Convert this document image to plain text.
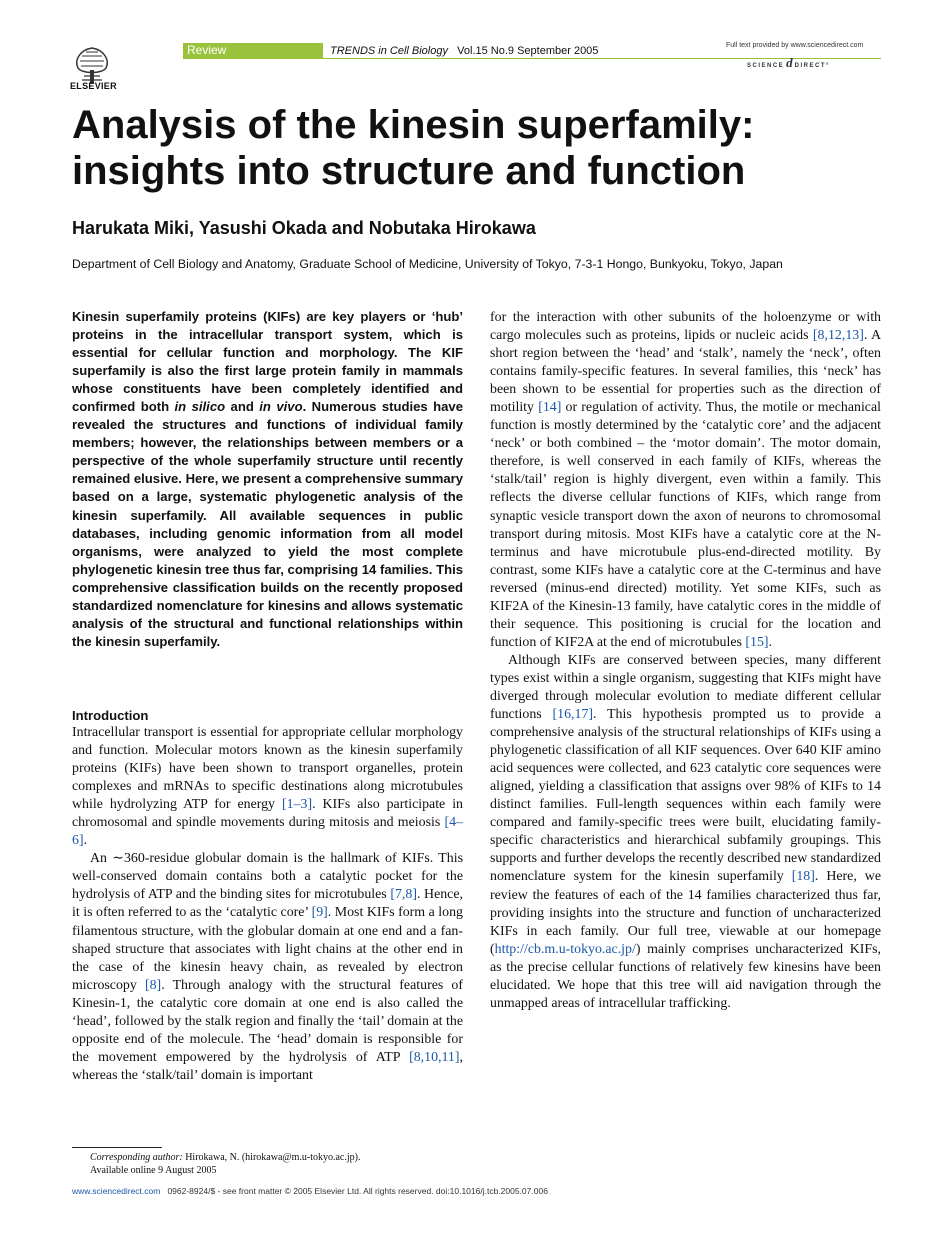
ELSEVIER
Review	TRENDS in Cell Biology Vol.15 No.9 September 2005	Full text provided by www.sciencedirect.com
SCIENCE d DIRECT°
Analysis of the kinesin superfamily: insights into structure and function

Harukata Miki, Yasushi Okada and Nobutaka Hirokawa

Department of Cell Biology and Anatomy, Graduate School of Medicine, University of Tokyo, 7-3-1 Hongo, Bunkyoku, Tokyo, Japan

Kinesin superfamily proteins (KIFs) are key players or ‘hub’ proteins in the intracellular transport system, which is essential for cellular function and morphology. The KIF superfamily is also the first large protein family in mammals whose constituents have been completely identified and confirmed both in silico and in vivo. Numerous studies have revealed the structures and functions of individual family members; however, the relationships between members or a perspective of the whole superfamily structure until recently remained elusive. Here, we present a comprehensive summary based on a large, systematic phylogenetic analysis of the kinesin superfamily. All available sequences in public databases, including genomic information from all model organisms, were analyzed to yield the most complete phylogenetic kinesin tree thus far, comprising 14 families. This comprehensive classification builds on the recently proposed standardized nomenclature for kinesins and allows systematic analysis of the structural and functional relationships within the kinesin superfamily.

Introduction

Intracellular transport is essential for appropriate cellular morphology and function. Molecular motors known as the kinesin superfamily proteins (KIFs) have been shown to transport organelles, protein complexes and mRNAs to specific destinations along microtubules while hydrolyzing ATP for energy [1–3]. KIFs also participate in chromosomal and spindle movements during mitosis and meiosis [4–6].

An ∼360-residue globular domain is the hallmark of KIFs. This well-conserved domain contains both a catalytic pocket for the hydrolysis of ATP and the binding sites for microtubules [7,8]. Hence, it is often referred to as the ‘catalytic core’ [9]. Most KIFs form a long filamentous structure, with the globular domain at one end and a fan-shaped structure that associates with light chains at the other end in the case of the kinesin heavy chain, as revealed by electron microscopy [8]. Through analogy with the structural features of Kinesin-1, the catalytic core domain at one end is also called the ‘head’, followed by the stalk region and finally the ‘tail’ domain at the opposite end of the molecule. The ‘head’ domain is responsible for the movement empowered by the hydrolysis of ATP [8,10,11], whereas the ‘stalk/tail’ domain is important

for the interaction with other subunits of the holoenzyme or with cargo molecules such as proteins, lipids or nucleic acids [8,12,13]. A short region between the ‘head’ and ‘stalk’, namely the ‘neck’, often contains family-specific features. In several families, this ‘neck’ has been shown to be essential for properties such as the direction of motility [14] or regulation of activity. Thus, the motile or mechanical function is mostly determined by the ‘catalytic core’ and the adjacent ‘neck’ or both combined – the ‘motor domain’. The motor domain, therefore, is well conserved in each family of KIFs, whereas the ‘stalk/tail’ region is highly divergent, even within a family. This reflects the diverse cellular functions of KIFs, which range from synaptic vesicle transport down the axon of neurons to chromosomal transport during mitosis. Most KIFs have a catalytic core at the N-terminus and have microtubule plus-end-directed motility. By contrast, some KIFs have a catalytic core at the C-terminus and have reversed (minus-end directed) motility. Yet some KIFs, such as KIF2A of the Kinesin-13 family, have catalytic cores in the middle of their sequence. This positioning is crucial for the location and function of KIF2A at the end of microtubules [15].

Although KIFs are conserved between species, many different types exist within a single organism, suggesting that KIFs might have diverged through molecular evolution to mediate different cellular functions [16,17]. This hypothesis prompted us to provide a comprehensive analysis of the structural relationships of KIFs using a phylogenetic classification of all KIF sequences. Over 640 KIF amino acid sequences were collected, and 623 catalytic core sequences were aligned, yielding a classification that assigns over 98% of KIFs to 14 distinct families. Full-length sequences within each family were compared and family-specific trees were built, elucidating family-specific characteristics and hierarchical subfamily groupings. This supports and further develops the recently described new standardized nomenclature system for the kinesin superfamily [18]. Here, we review the features of each of the 14 families characterized thus far, providing insights into the structure and function of uncharacterized KIFs in each family. Our full tree, viewable at our homepage (http://cb.m.u-tokyo.ac.jp/) mainly comprises uncharacterized KIFs, as the precise cellular functions of relatively few kinesins have been elucidated. We hope that this tree will aid navigation through the unmapped areas of intracellular trafficking.

Corresponding author: Hirokawa, N. (hirokawa@m.u-tokyo.ac.jp).
Available online 9 August 2005
www.sciencedirect.com 0962-8924/$ - see front matter © 2005 Elsevier Ltd. All rights reserved. doi:10.1016/j.tcb.2005.07.006
